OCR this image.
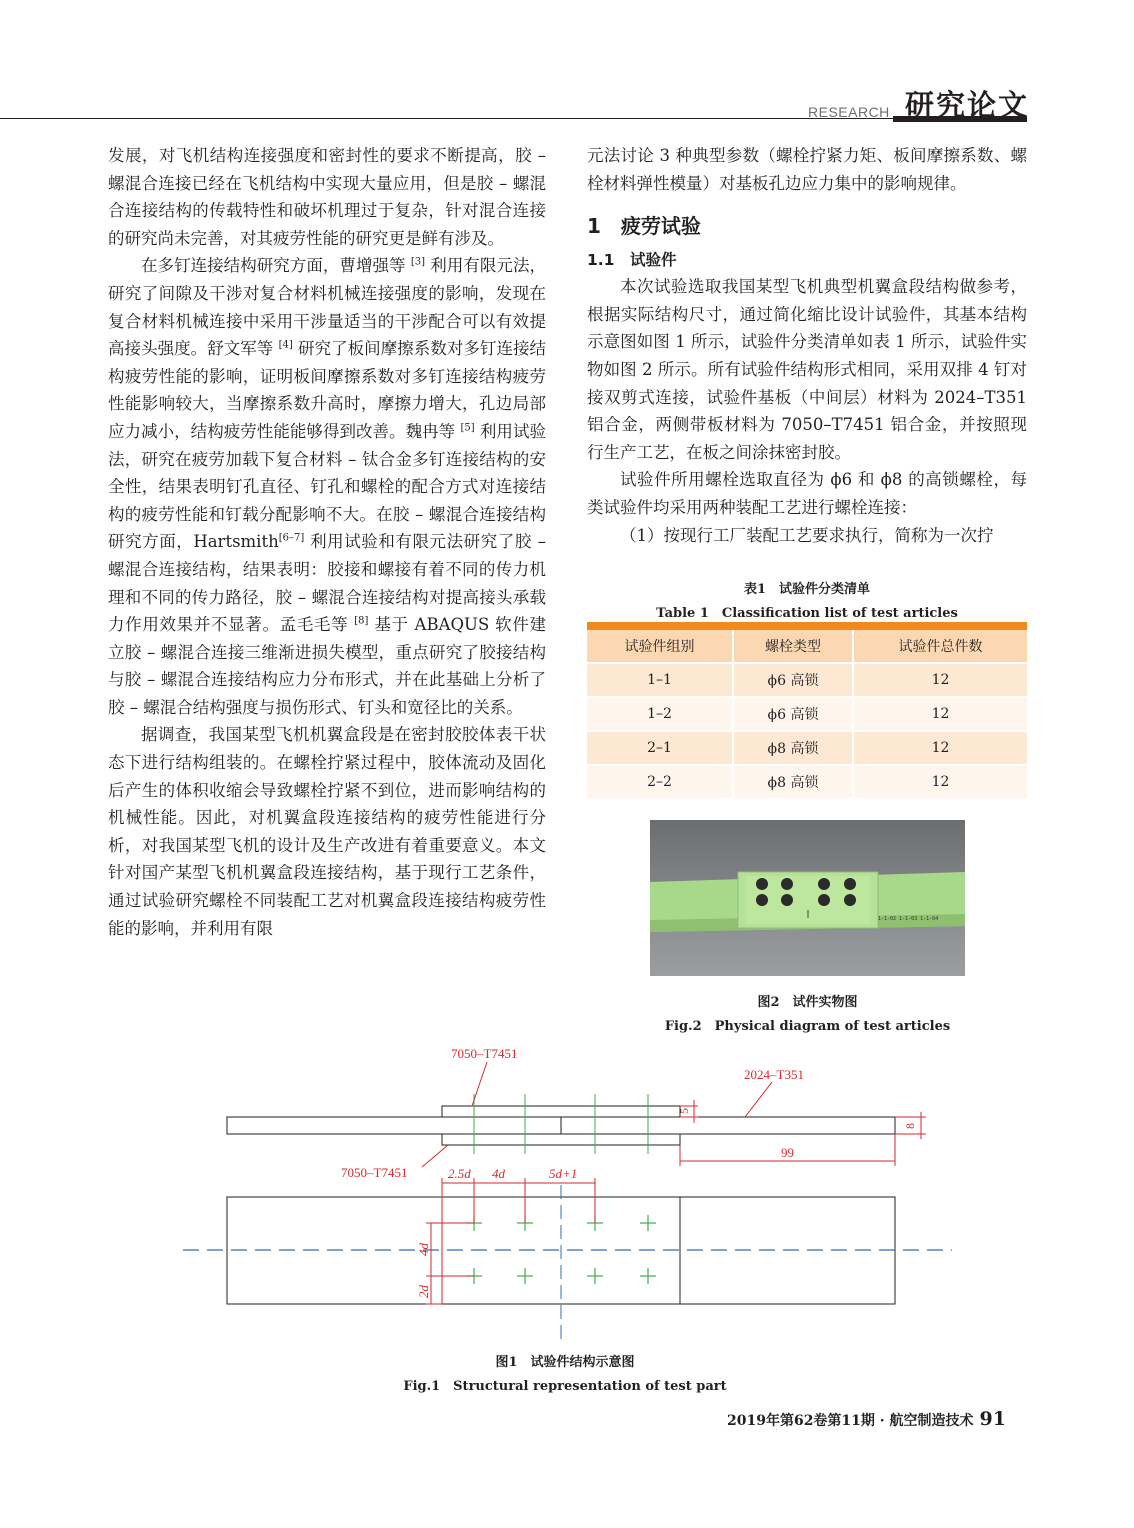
RESEARCH 研究论文

发展，对飞机结构连接强度和密封性的要求不断提高，胶 – 螺混合连接已经在飞机结构中实现大量应用，但是胶 – 螺混合连接结构的传载特性和破坏机理过于复杂，针对混合连接的研究尚未完善，对其疲劳性能的研究更是鲜有涉及。

在多钉连接结构研究方面，曹增强等 [3] 利用有限元法，研究了间隙及干涉对复合材料机械连接强度的影响，发现在复合材料机械连接中采用干涉量适当的干涉配合可以有效提高接头强度。舒文军等 [4] 研究了板间摩擦系数对多钉连接结构疲劳性能的影响，证明板间摩擦系数对多钉连接结构疲劳性能影响较大，当摩擦系数升高时，摩擦力增大，孔边局部应力减小，结构疲劳性能能够得到改善。魏冉等 [5] 利用试验法，研究在疲劳加载下复合材料 – 钛合金多钉连接结构的安全性，结果表明钉孔直径、钉孔和螺栓的配合方式对连接结构的疲劳性能和钉载分配影响不大。在胶 – 螺混合连接结构研究方面，Hartsmith[6–7] 利用试验和有限元法研究了胶 – 螺混合连接结构，结果表明：胶接和螺接有着不同的传力机理和不同的传力路径，胶 – 螺混合连接结构对提高接头承载力作用效果并不显著。孟毛毛等 [8] 基于 ABAQUS 软件建立胶 – 螺混合连接三维渐进损失模型，重点研究了胶接结构与胶 – 螺混合连接结构应力分布形式，并在此基础上分析了胶 – 螺混合结构强度与损伤形式、钉头和宽径比的关系。

据调查，我国某型飞机机翼盒段是在密封胶胶体表干状态下进行结构组装的。在螺栓拧紧过程中，胶体流动及固化后产生的体积收缩会导致螺栓拧紧不到位，进而影响结构的机械性能。因此，对机翼盒段连接结构的疲劳性能进行分析，对我国某型飞机的设计及生产改进有着重要意义。本文针对国产某型飞机机翼盒段连接结构，基于现行工艺条件，通过试验研究螺栓不同装配工艺对机翼盒段连接结构疲劳性能的影响，并利用有限

元法讨论 3 种典型参数（螺栓拧紧力矩、板间摩擦系数、螺栓材料弹性模量）对基板孔边应力集中的影响规律。

1　疲劳试验

1.1　试验件

本次试验选取我国某型飞机典型机翼盒段结构做参考，根据实际结构尺寸，通过简化缩比设计试验件，其基本结构示意图如图 1 所示，试验件分类清单如表 1 所示，试验件实物如图 2 所示。所有试验件结构形式相同，采用双排 4 钉对接双剪式连接，试验件基板（中间层）材料为 2024–T351 铝合金，两侧带板材料为 7050–T7451 铝合金，并按照现行生产工艺，在板之间涂抹密封胶。

试验件所用螺栓选取直径为 ϕ6 和 ϕ8 的高锁螺栓，每类试验件均采用两种装配工艺进行螺栓连接：

（1）按现行工厂装配工艺要求执行，简称为一次拧

表1　试验件分类清单
Table 1　Classification list of test articles

试验件组别	螺栓类型	试验件总件数
1–1	ϕ6 高锁	12
1–2	ϕ6 高锁	12
2–1	ϕ8 高锁	12
2–2	ϕ8 高锁	12
1-1-02 1-1-03 1-1-04
图2　试件实物图
Fig.2　Physical diagram of test articles
7050–T7451
2024–T351
7050–T7451
5
8
99
2.5d 4d	5d+1
4d
2d
图1　试验件结构示意图
Fig.1　Structural representation of test part
2019年第62卷第11期 · 航空制造技术 91
